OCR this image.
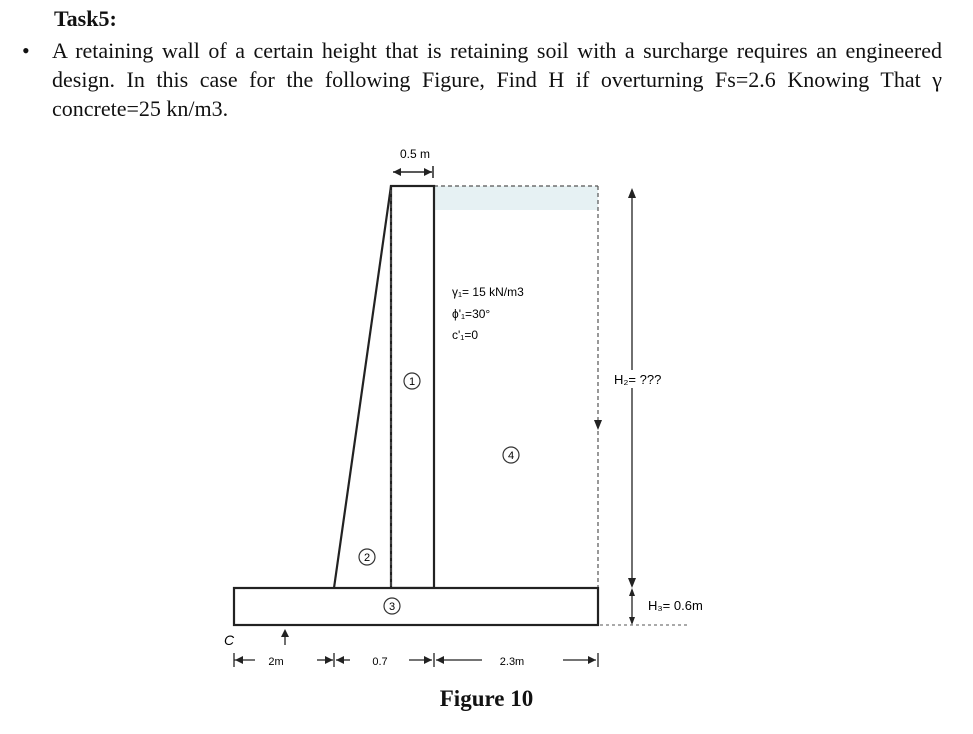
Task5:
• A retaining wall of a certain height that is retaining soil with a surcharge requires an engineered design. In this case for the following Figure, Find H if overturning Fs=2.6 Knowing That γ concrete=25 kn/m3.
1
2
3
4
γ₁= 15 kN/m3
ϕ'₁=30°
c'₁=0
0.5 m
H₂= ???
H₃= 0.6m
C
2m	0.7	2.3m
Figure 10
